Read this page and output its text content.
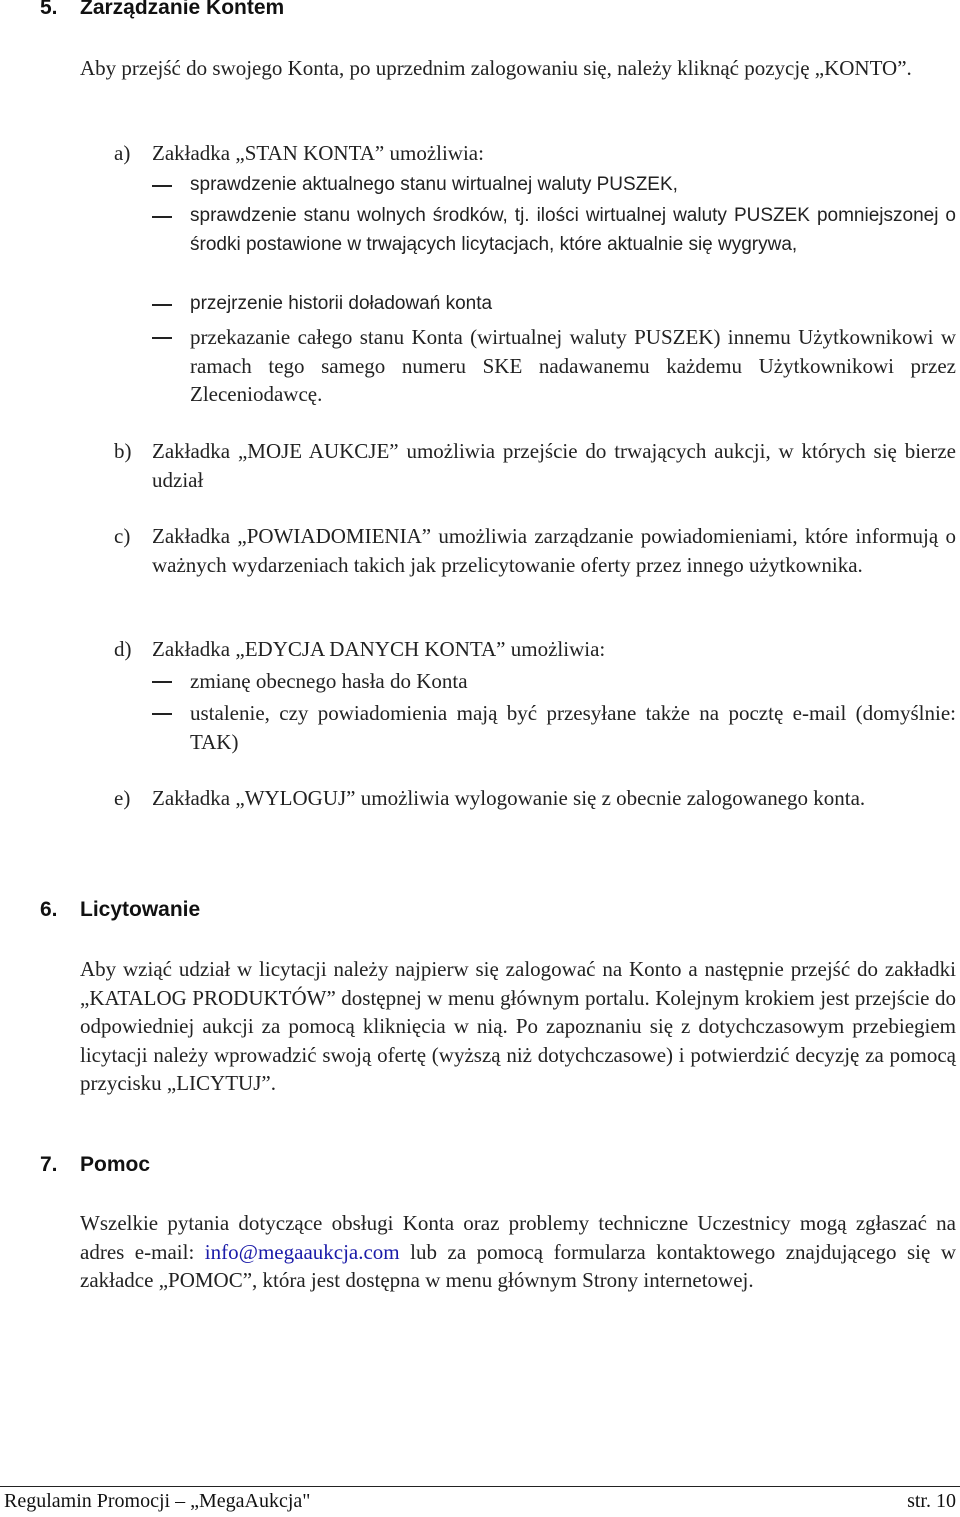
5. Zarządzanie Kontem
Aby przejść do swojego Konta, po uprzednim zalogowaniu się, należy kliknąć pozycję „KONTO”.
a) Zakładka „STAN KONTA” umożliwia:
sprawdzenie aktualnego stanu wirtualnej waluty PUSZEK,
sprawdzenie stanu wolnych środków, tj. ilości wirtualnej waluty PUSZEK pomniejszonej o środki postawione w trwających licytacjach, które aktualnie się wygrywa,
przejrzenie historii doładowań konta
przekazanie całego stanu Konta (wirtualnej waluty PUSZEK) innemu Użytkownikowi w ramach tego samego numeru SKE nadawanemu każdemu Użytkownikowi przez Zleceniodawcę.
b) Zakładka „MOJE AUKCJE” umożliwia przejście do trwających aukcji, w których się bierze udział
c) Zakładka „POWIADOMIENIA” umożliwia zarządzanie powiadomieniami, które informują o ważnych wydarzeniach takich jak przelicytowanie oferty przez innego użytkownika.
d) Zakładka „EDYCJA DANYCH KONTA” umożliwia:
zmianę obecnego hasła do Konta
ustalenie, czy powiadomienia mają być przesyłane także na pocztę e-mail (domyślnie: TAK)
e) Zakładka „WYLOGUJ” umożliwia wylogowanie się z obecnie zalogowanego konta.
6. Licytowanie
Aby wziąć udział w licytacji należy najpierw się zalogować na Konto a następnie przejść do zakładki „KATALOG PRODUKTÓW” dostępnej w menu głównym portalu. Kolejnym krokiem jest przejście do odpowiedniej aukcji za pomocą kliknięcia w nią. Po zapoznaniu się z dotychczasowym przebiegiem licytacji należy wprowadzić swoją ofertę (wyższą niż dotychczasowe) i potwierdzić decyzję za pomocą przycisku „LICYTUJ”.
7. Pomoc
Wszelkie pytania dotyczące obsługi Konta oraz problemy techniczne Uczestnicy mogą zgłaszać na adres e-mail: info@megaaukcja.com lub za pomocą formularza kontaktowego znajdującego się w zakładce „POMOC”, która jest dostępna w menu głównym Strony internetowej.
Regulamin Promocji – „MegaAukcja"	str. 10
